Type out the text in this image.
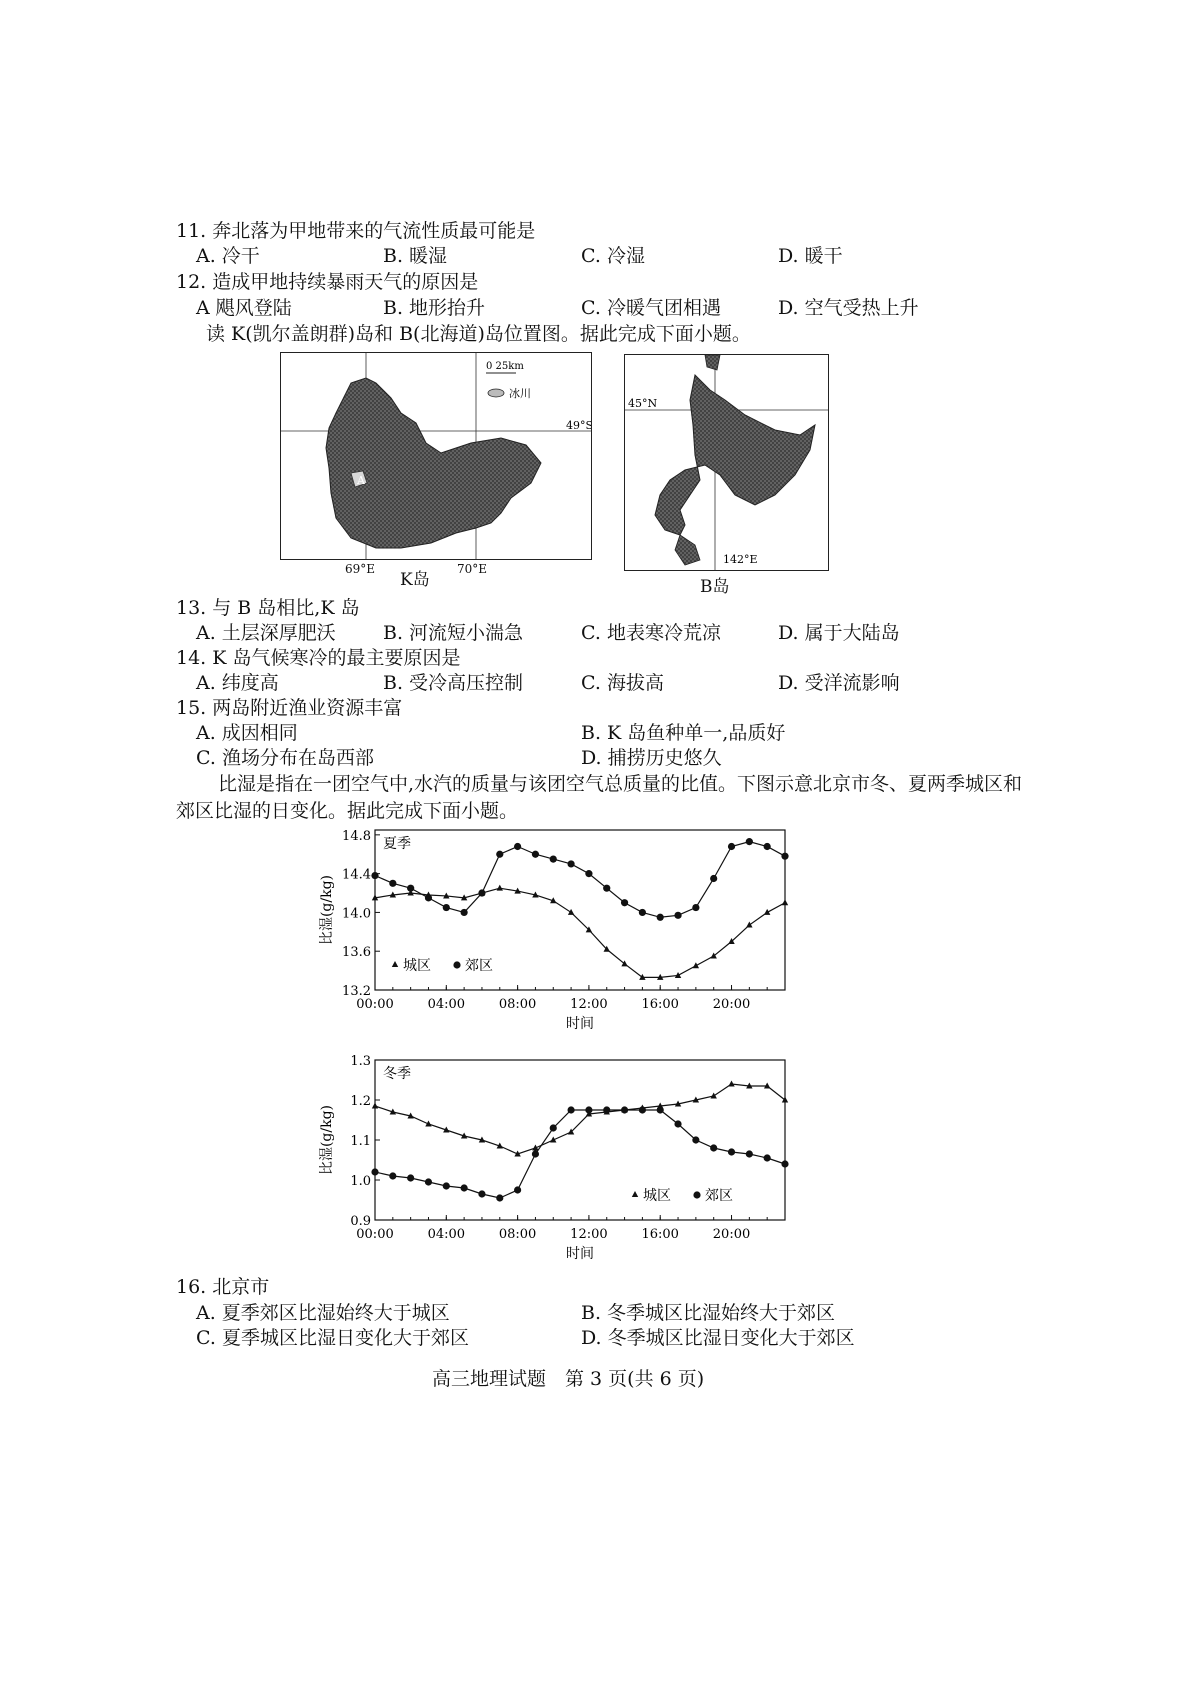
11. 奔北落为甲地带来的气流性质最可能是
A. 冷干	B. 暖湿	C. 冷湿	D. 暖干
12. 造成甲地持续暴雨天气的原因是
A 飓风登陆	B. 地形抬升	C. 冷暖气团相遇	D. 空气受热上升
读 K(凯尔盖朗群)岛和 B(北海道)岛位置图。据此完成下面小题。
A
0 25km
冰川
49°S
69°E	70°E
K岛
45°N
142°E
B岛
13. 与 B 岛相比,K 岛
A. 土层深厚肥沃 B. 河流短小湍急	C. 地表寒冷荒凉	D. 属于大陆岛
14. K 岛气候寒冷的最主要原因是
A. 纬度高	B. 受冷高压控制	C. 海拔高	D. 受洋流影响
15. 两岛附近渔业资源丰富
A. 成因相同	B. K 岛鱼种单一,品质好
C. 渔场分布在岛西部	D. 捕捞历史悠久
比湿是指在一团空气中,水汽的质量与该团空气总质量的比值。下图示意北京市冬、夏两季城区和郊区比湿的日变化。据此完成下面小题。
夏季
13.2
13.6
14.0
14.4
14.8
00:00	04:00	08:00	12:00	16:00	20:00
时间
比湿(g/kg)
城区 郊区
冬季
0.9
1.0
1.1
1.2
1.3
00:00	04:00	08:00	12:00	16:00	20:00
时间
比湿(g/kg)
城区 郊区
16. 北京市
A. 夏季郊区比湿始终大于城区	B. 冬季城区比湿始终大于郊区
C. 夏季城区比湿日变化大于郊区	D. 冬季城区比湿日变化大于郊区
高三地理试题　第 3 页(共 6 页)
